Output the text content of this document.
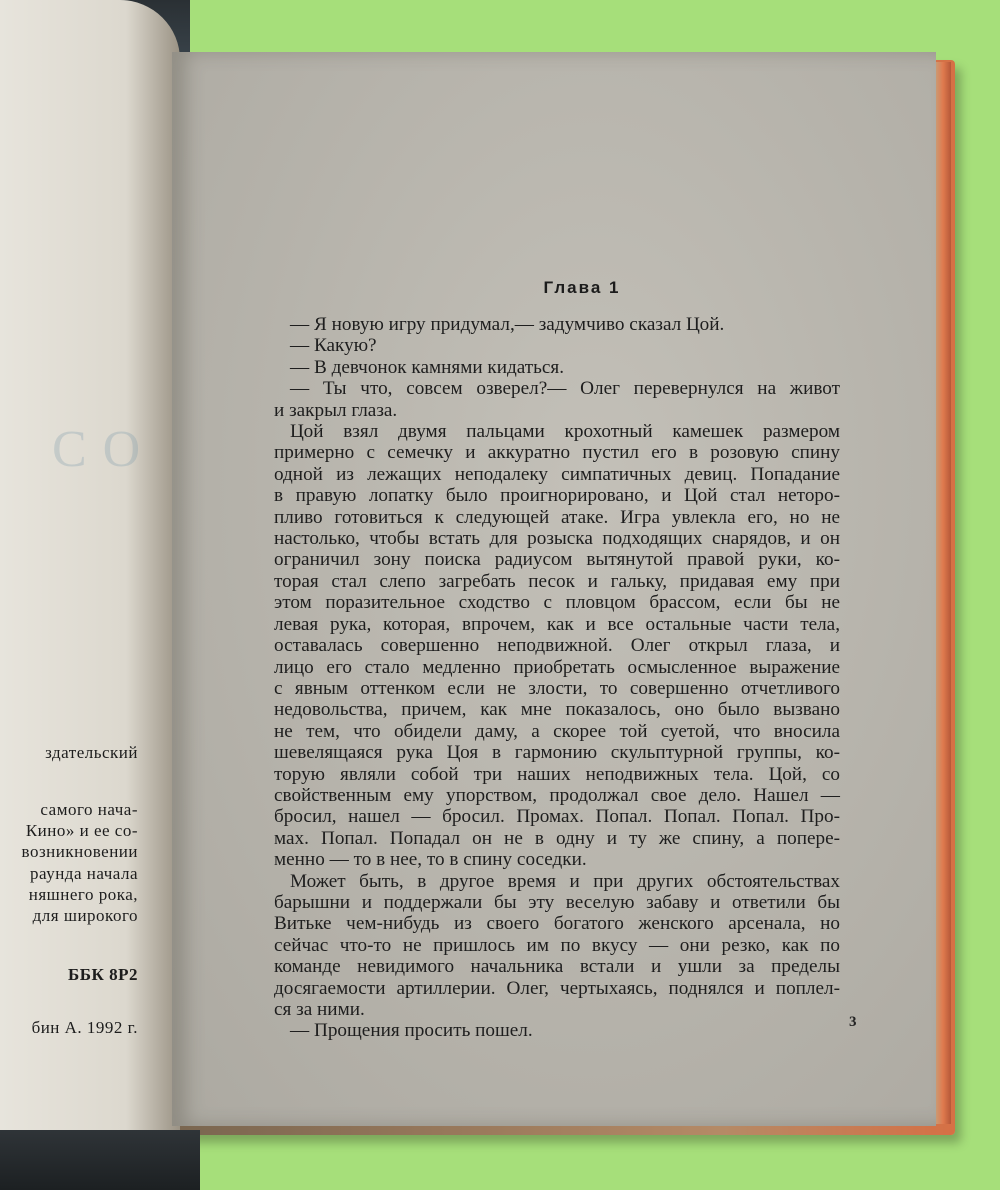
СО
здательский
самого нача-
Кино» и ее со-
возникновении
раунда начала
няшнего рока,
для широкого
ББК 8Р2
бин А. 1992 г.
Глава 1
— Я новую игру придумал,— задумчиво сказал Цой.
— Какую?
— В девчонок камнями кидаться.
— Ты что, совсем озверел?— Олег перевернулся на живот
и закрыл глаза.
Цой взял двумя пальцами крохотный камешек размером
примерно с семечку и аккуратно пустил его в розовую спину
одной из лежащих неподалеку симпатичных девиц. Попадание
в правую лопатку было проигнорировано, и Цой стал неторо-
пливо готовиться к следующей атаке. Игра увлекла его, но не
настолько, чтобы встать для розыска подходящих снарядов, и он
ограничил зону поиска радиусом вытянутой правой руки, ко-
торая стал слепо загребать песок и гальку, придавая ему при
этом поразительное сходство с пловцом брассом, если бы не
левая рука, которая, впрочем, как и все остальные части тела,
оставалась совершенно неподвижной. Олег открыл глаза, и
лицо его стало медленно приобретать осмысленное выражение
с явным оттенком если не злости, то совершенно отчетливого
недовольства, причем, как мне показалось, оно было вызвано
не тем, что обидели даму, а скорее той суетой, что вносила
шевелящаяся рука Цоя в гармонию скульптурной группы, ко-
торую являли собой три наших неподвижных тела. Цой, со
свойственным ему упорством, продолжал свое дело. Нашел —
бросил, нашел — бросил. Промах. Попал. Попал. Попал. Про-
мах. Попал. Попадал он не в одну и ту же спину, а попере-
менно — то в нее, то в спину соседки.
Может быть, в другое время и при других обстоятельствах
барышни и поддержали бы эту веселую забаву и ответили бы
Витьке чем-нибудь из своего богатого женского арсенала, но
сейчас что-то не пришлось им по вкусу — они резко, как по
команде невидимого начальника встали и ушли за пределы
досягаемости артиллерии. Олег, чертыхаясь, поднялся и поплел-
ся за ними.
— Прощения просить пошел.	3
